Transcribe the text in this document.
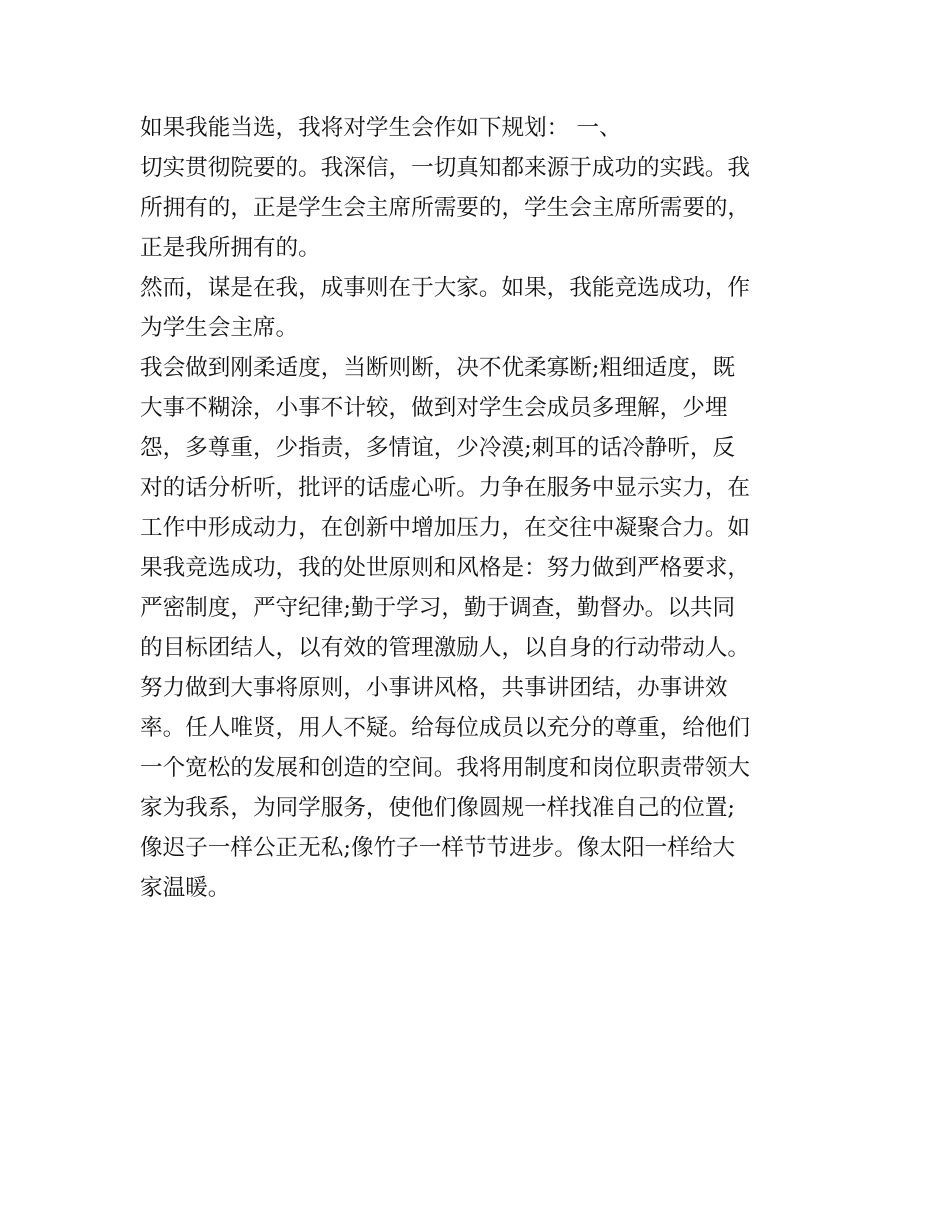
如果我能当选，我将对学生会作如下规划： 一、
切实贯彻院要的。我深信，一切真知都来源于成功的实践。我
所拥有的，正是学生会主席所需要的，学生会主席所需要的，
正是我所拥有的。
然而，谋是在我，成事则在于大家。如果，我能竞选成功，作
为学生会主席。
我会做到刚柔适度，当断则断，决不优柔寡断;粗细适度，既
大事不糊涂，小事不计较，做到对学生会成员多理解，少埋
怨，多尊重，少指责，多情谊，少冷漠;刺耳的话冷静听，反
对的话分析听，批评的话虚心听。力争在服务中显示实力，在
工作中形成动力，在创新中增加压力，在交往中凝聚合力。如
果我竞选成功，我的处世原则和风格是：努力做到严格要求，
严密制度，严守纪律;勤于学习，勤于调查，勤督办。以共同
的目标团结人，以有效的管理激励人，以自身的行动带动人。
努力做到大事将原则，小事讲风格，共事讲团结，办事讲效
率。任人唯贤，用人不疑。给每位成员以充分的尊重，给他们
一个宽松的发展和创造的空间。我将用制度和岗位职责带领大
家为我系，为同学服务，使他们像圆规一样找准自己的位置;
像迟子一样公正无私;像竹子一样节节进步。像太阳一样给大
家温暖。
